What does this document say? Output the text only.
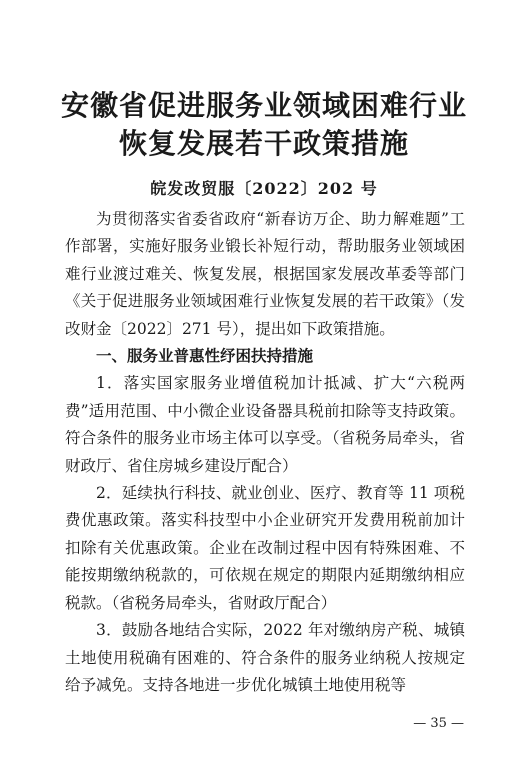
安徽省促进服务业领域困难行业
恢复发展若干政策措施
皖发改贸服〔2022〕202 号

为贯彻落实省委省政府“新春访万企、助力解难题”工作部署，实施好服务业锻长补短行动，帮助服务业领域困难行业渡过难关、恢复发展，根据国家发展改革委等部门《关于促进服务业领域困难行业恢复发展的若干政策》（发改财金〔2022〕271 号），提出如下政策措施。

一、服务业普惠性纾困扶持措施

1．落实国家服务业增值税加计抵减、扩大“六税两费”适用范围、中小微企业设备器具税前扣除等支持政策。符合条件的服务业市场主体可以享受。（省税务局牵头，省财政厅、省住房城乡建设厅配合）

2．延续执行科技、就业创业、医疗、教育等 11 项税费优惠政策。落实科技型中小企业研究开发费用税前加计扣除有关优惠政策。企业在改制过程中因有特殊困难、不能按期缴纳税款的，可依规在规定的期限内延期缴纳相应税款。（省税务局牵头，省财政厅配合）

3．鼓励各地结合实际，2022 年对缴纳房产税、城镇土地使用税确有困难的、符合条件的服务业纳税人按规定给予减免。支持各地进一步优化城镇土地使用税等

— 35 —
